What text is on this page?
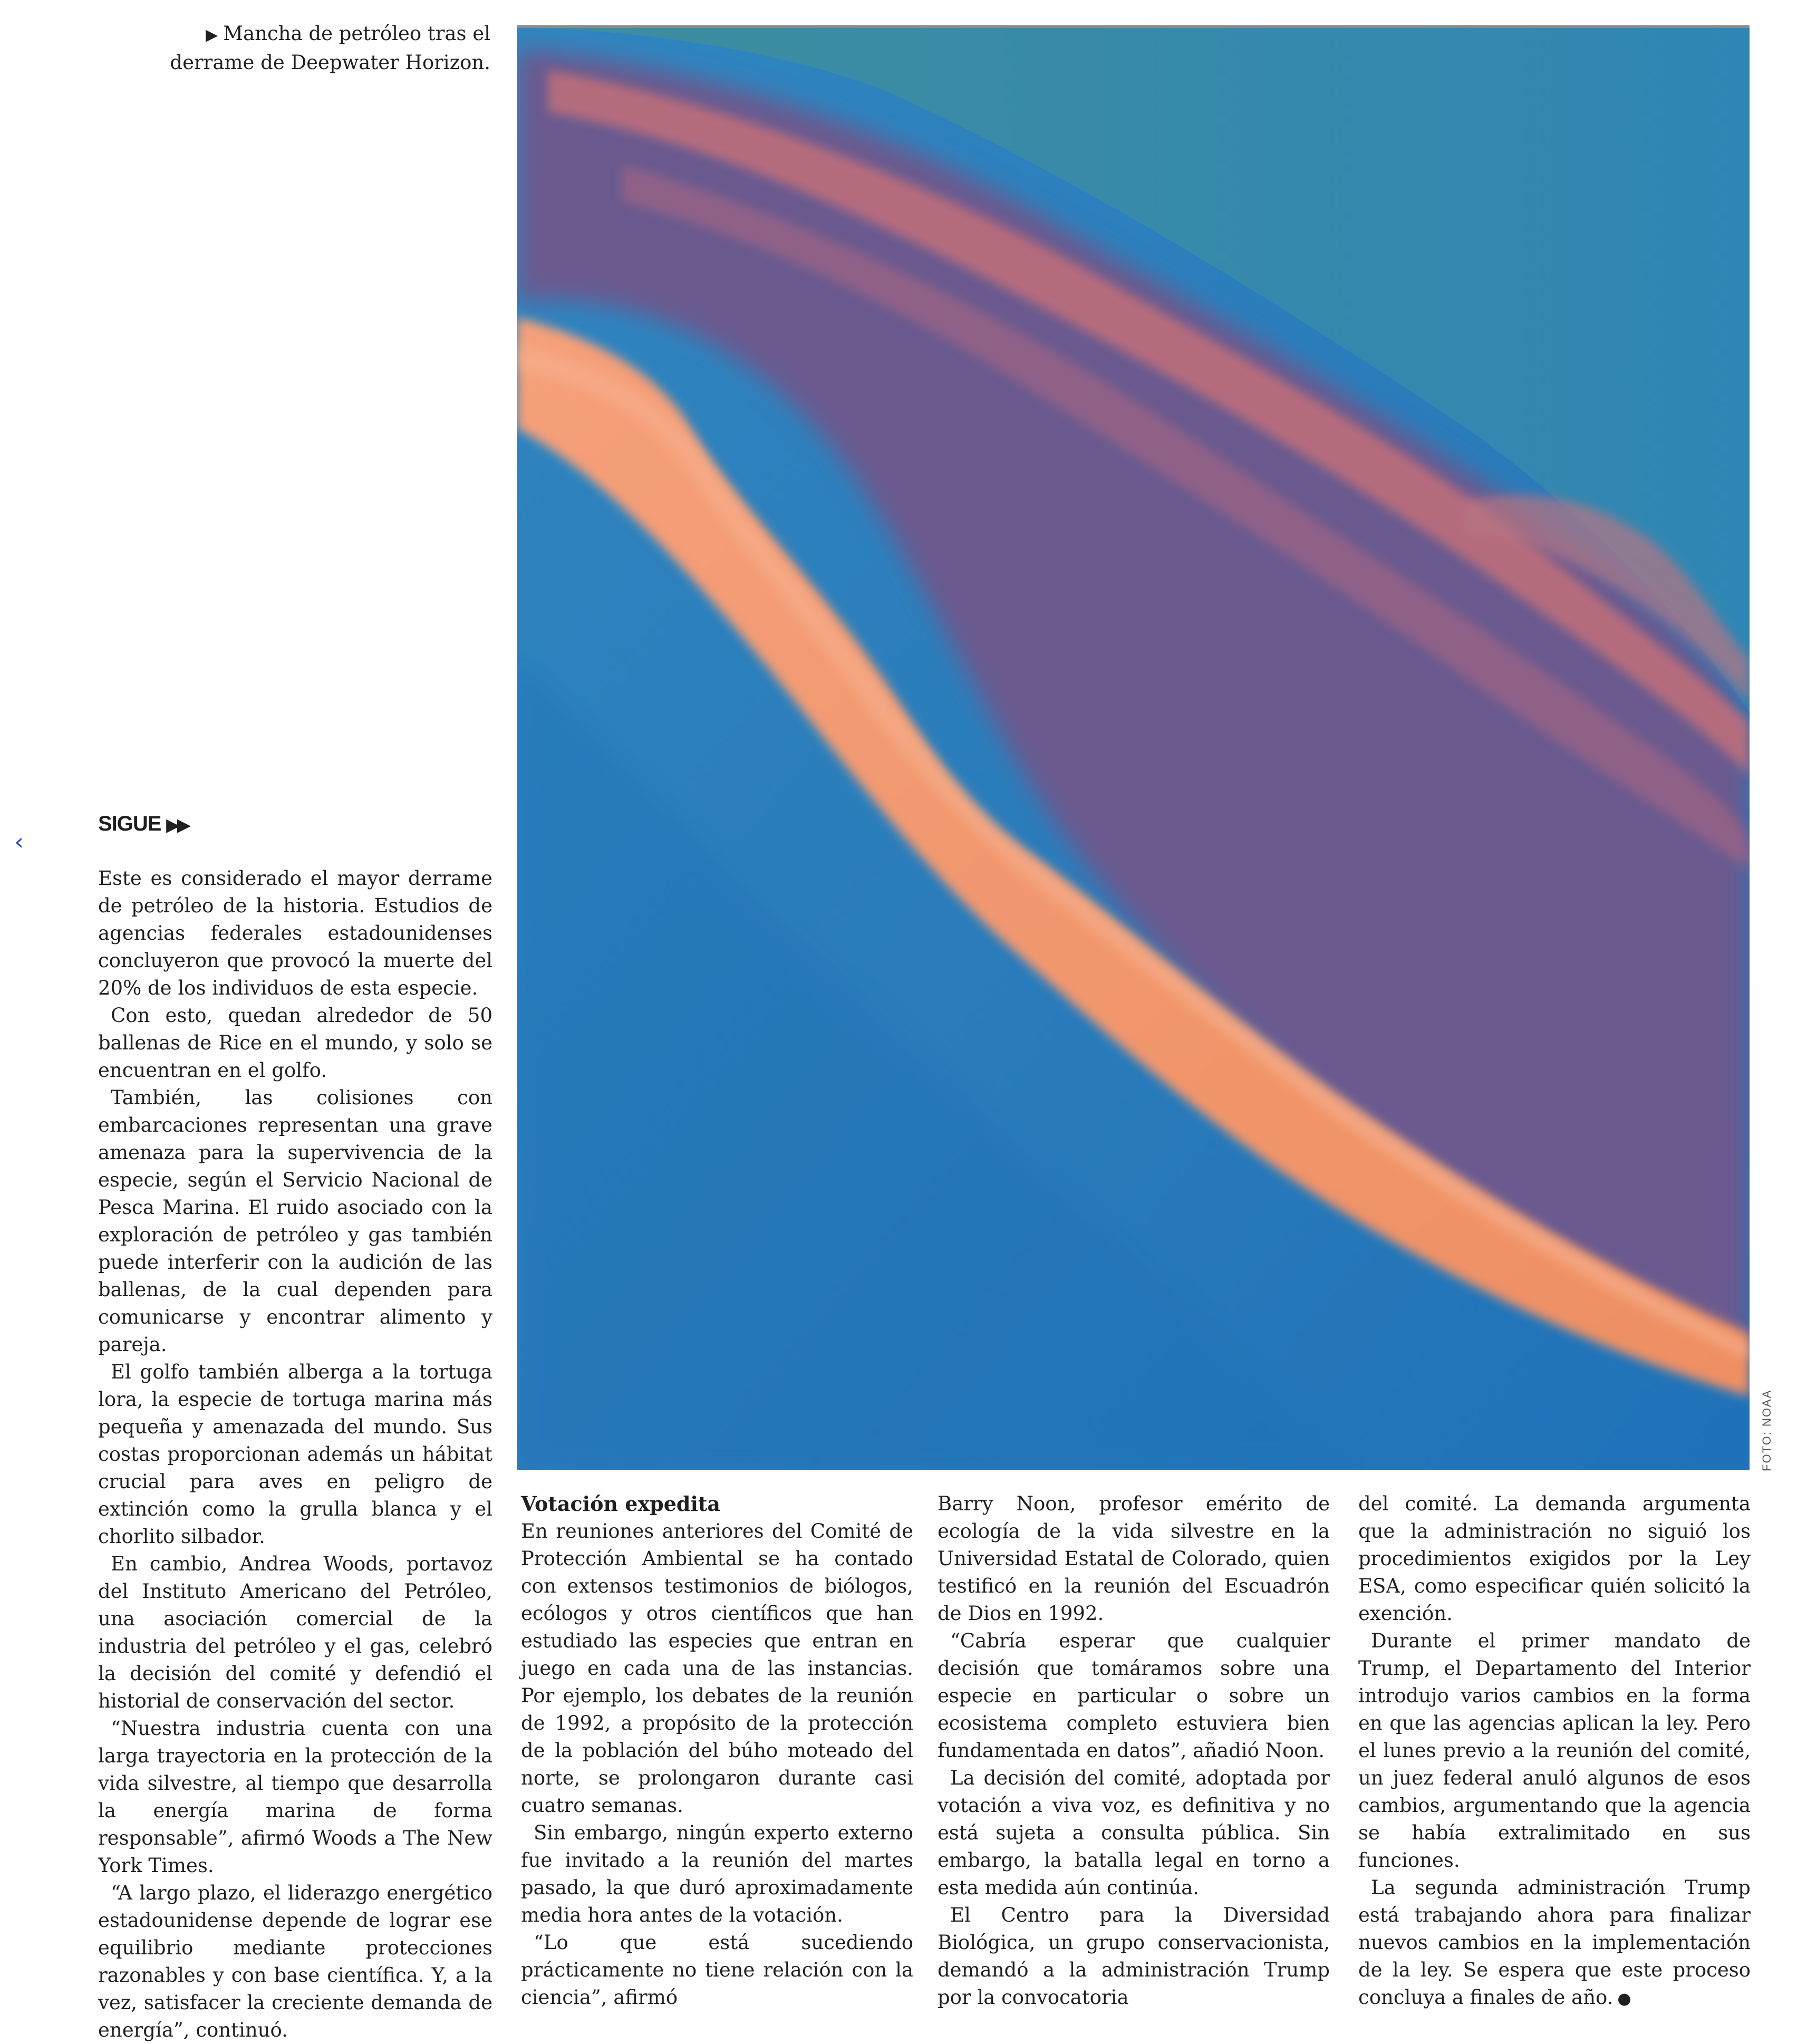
▶ Mancha de petróleo tras el derrame de Deepwater Horizon.
FOTO: NOAA
‹
SIGUE ▶▶

Este es considerado el mayor derrame de petróleo de la historia. Estudios de agencias federales estadounidenses concluyeron que provocó la muerte del 20% de los individuos de esta especie.

Con esto, quedan alrededor de 50 ballenas de Rice en el mundo, y solo se encuentran en el golfo.

También, las colisiones con embarcaciones representan una grave amenaza para la supervivencia de la especie, según el Servicio Nacional de Pesca Marina. El ruido asociado con la exploración de petróleo y gas también puede interferir con la audición de las ballenas, de la cual dependen para comunicarse y encontrar alimento y pareja.

El golfo también alberga a la tortuga lora, la especie de tortuga marina más pequeña y amenazada del mundo. Sus costas proporcionan además un hábitat crucial para aves en peligro de extinción como la grulla blanca y el chorlito silbador.

En cambio, Andrea Woods, portavoz del Instituto Americano del Petróleo, una asociación comercial de la industria del petróleo y el gas, celebró la decisión del comité y defendió el historial de conservación del sector.

“Nuestra industria cuenta con una larga trayectoria en la protección de la vida silvestre, al tiempo que desarrolla la energía marina de forma responsable”, afirmó Woods a The New York Times.

“A largo plazo, el liderazgo energético estadounidense depende de lograr ese equilibrio mediante protecciones razonables y con base científica. Y, a la vez, satisfacer la creciente demanda de energía”, continuó.

Votación expedita

En reuniones anteriores del Comité de Protección Ambiental se ha contado con extensos testimonios de biólogos, ecólogos y otros científicos que han estudiado las especies que entran en juego en cada una de las instancias. Por ejemplo, los debates de la reunión de 1992, a propósito de la protección de la población del búho moteado del norte, se prolongaron durante casi cuatro semanas.

Sin embargo, ningún experto externo fue invitado a la reunión del martes pasado, la que duró aproximadamente media hora antes de la votación.

“Lo que está sucediendo prácticamente no tiene relación con la ciencia”, afirmó

Barry Noon, profesor emérito de ecología de la vida silvestre en la Universidad Estatal de Colorado, quien testificó en la reunión del Escuadrón de Dios en 1992.

“Cabría esperar que cualquier decisión que tomáramos sobre una especie en particular o sobre un ecosistema completo estuviera bien fundamentada en datos”, añadió Noon.

La decisión del comité, adoptada por votación a viva voz, es definitiva y no está sujeta a consulta pública. Sin embargo, la batalla legal en torno a esta medida aún continúa.

El Centro para la Diversidad Biológica, un grupo conservacionista, demandó a la administración Trump por la convocatoria

del comité. La demanda argumenta que la administración no siguió los procedimientos exigidos por la Ley ESA, como especificar quién solicitó la exención.

Durante el primer mandato de Trump, el Departamento del Interior introdujo varios cambios en la forma en que las agencias aplican la ley. Pero el lunes previo a la reunión del comité, un juez federal anuló algunos de esos cambios, argumentando que la agencia se había extralimitado en sus funciones.

La segunda administración Trump está trabajando ahora para finalizar nuevos cambios en la implementación de la ley. Se espera que este proceso concluya a finales de año. ●
